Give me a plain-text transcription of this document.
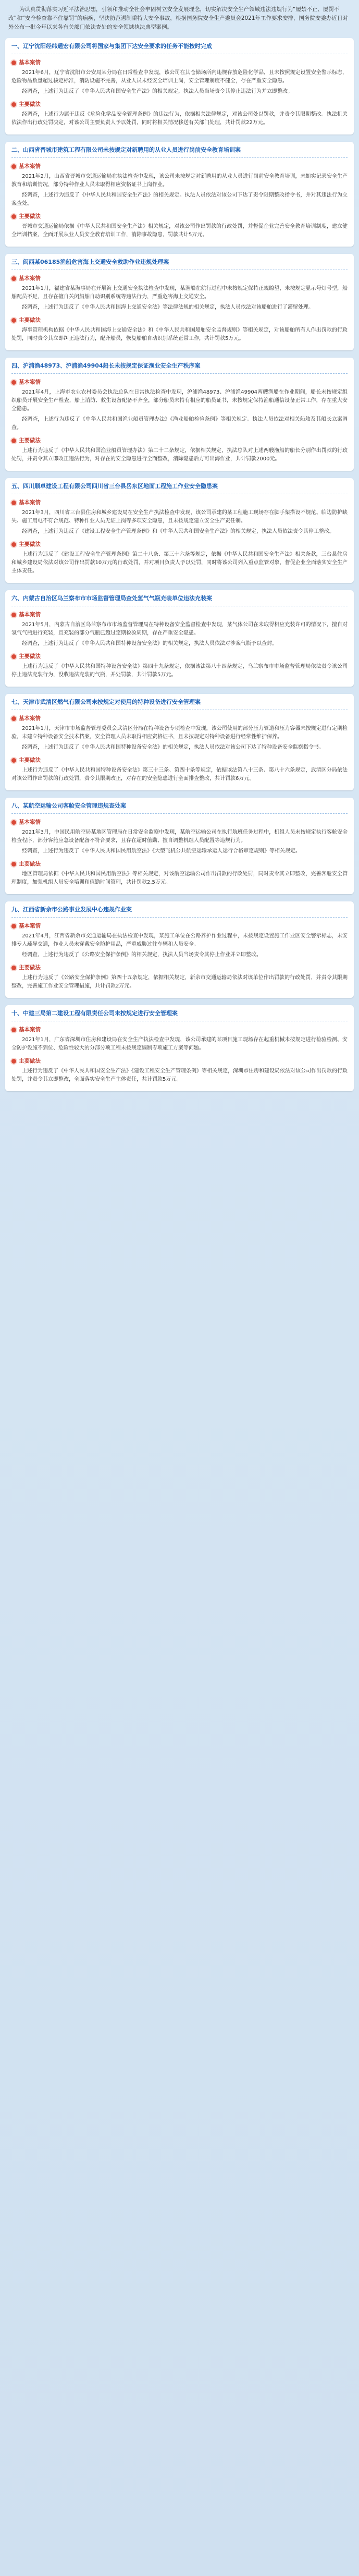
为认真贯彻落实习近平法治思想，引领和推动全社会牢固树立安全发展理念，切实解决安全生产领域违法违规行为“屡禁不止、屡罚不改”和“安全检查靠不住靠罚”的痼疾，坚决防范遏制重特大安全事故，根据国务院安全生产委员会2021年工作要求安排，国务院安委办近日对外公布一批今年以来各有关部门依法查处的安全领域执法典型案例。

一、辽宁沈阳经纬通宏有限公司将国家与集团下达安全要求的任务不能按时完成
基本案情

2021年6月，辽宁省沈阳市公安局某分局在日常检查中发现，该公司在其仓储场所内违规存放危险化学品，且未按照规定设置安全警示标志，危险物品数量超过核定标准，消防设施不完善，从业人员未经安全培训上岗，安全管理制度不健全，存在严重安全隐患。

经调查，上述行为违反了《中华人民共和国安全生产法》的相关规定，执法人员当场责令其停止违法行为并立即整改。

主要做法

经调查，上述行为属于违反《危险化学品安全管理条例》的违法行为，依据相关法律规定，对该公司处以罚款，并责令其限期整改。执法机关依法作出行政处罚决定，对该公司主要负责人予以处罚，同时将相关情况移送有关部门处理，共计罚款22万元。

二、山西省晋城市建筑工程有限公司未按规定对新聘用的从业人员进行岗前安全教育培训案
基本案情

2021年2月，山西省晋城市交通运输局在执法检查中发现，该公司未按规定对新聘用的从业人员进行岗前安全教育培训，未如实记录安全生产教育和培训情况，部分特种作业人员未取得相应资格证书上岗作业。

经调查，上述行为违反了《中华人民共和国安全生产法》的相关规定。执法人员依法对该公司下达了责令限期整改指令书，并对其违法行为立案查处。

主要做法

晋城市交通运输局依据《中华人民共和国安全生产法》相关规定，对该公司作出罚款的行政处罚，并督促企业完善安全教育培训制度，建立健全培训档案，全面开展从业人员安全教育培训工作，消除事故隐患，罚款共计5万元。

三、闽西某06185渔船危害海上交通安全救助作业违规处理案
基本案情

2021年1月，福建省某海事局在开展海上交通安全执法检查中发现，某渔船在航行过程中未按规定保持正规瞭望，未按规定显示号灯号型，船舶配员不足，且存在擅自关闭船舶自动识别系统等违法行为，严重危害海上交通安全。

经调查，上述行为违反了《中华人民共和国海上交通安全法》等法律法规的相关规定，执法人员依法对该船舶进行了滞留处理。

主要做法

海事管理机构依据《中华人民共和国海上交通安全法》和《中华人民共和国船舶安全监督规则》等相关规定，对该船舶所有人作出罚款的行政处罚，同时责令其立即纠正违法行为，配齐船员，恢复船舶自动识别系统正常工作，共计罚款5万元。

四、沪浦渔48973、沪浦渔49904船长未按规定保证渔业安全生产秩序案
基本案情

2021年4月，上海市农业农村委员会执法总队在日常执法检查中发现，沪浦渔48973、沪浦渔49904两艘渔船在作业期间，船长未按规定组织船员开展安全生产检查，船上消防、救生设备配备不齐全，部分船员未持有相应的船员证书，未按规定保持渔船通信设备正常工作，存在重大安全隐患。

经调查，上述行为违反了《中华人民共和国渔业船员管理办法》《渔业船舶检验条例》等相关规定。执法人员依法对相关船舶及其船长立案调查。

主要做法

上述行为违反了《中华人民共和国渔业船员管理办法》第二十二条规定，依据相关规定，执法总队对上述两艘渔船的船长分别作出罚款的行政处罚，并责令其立即改正违法行为，对存在的安全隐患进行全面整改，消除隐患后方可出海作业，共计罚款2000元。

五、四川顺卓建设工程有限公司四川省三台县岳东区地面工程施工作业安全隐患案
基本案情

2021年3月，四川省三台县住房和城乡建设局在安全生产执法检查中发现，该公司承建的某工程施工现场存在脚手架搭设不规范、临边防护缺失、施工用电不符合规范、特种作业人员无证上岗等多项安全隐患，且未按规定建立安全生产责任制。

经调查，上述行为违反了《建设工程安全生产管理条例》和《中华人民共和国安全生产法》的相关规定，执法人员依法责令其停工整改。

主要做法

上述行为违反了《建设工程安全生产管理条例》第二十八条、第三十六条等规定，依据《中华人民共和国安全生产法》相关条款，三台县住房和城乡建设局依法对该公司作出罚款10万元的行政处罚，并对项目负责人予以处罚，同时将该公司列入重点监管对象，督促企业全面落实安全生产主体责任。

六、内蒙古自治区乌兰察布市市场监督管理局查处氢气气瓶充装单位违法充装案
基本案情

2021年5月，内蒙古自治区乌兰察布市市场监督管理局在特种设备安全监督检查中发现，某气体公司在未取得相应充装许可的情况下，擅自对氢气气瓶进行充装，且充装的部分气瓶已超过定期检验周期，存在严重安全隐患。

经调查，上述行为违反了《中华人民共和国特种设备安全法》的相关规定，执法人员依法对涉案气瓶予以查封。

主要做法

上述行为违反了《中华人民共和国特种设备安全法》第四十九条规定，依据该法第八十四条规定，乌兰察布市市场监督管理局依法责令该公司停止违法充装行为，没收违法充装的气瓶，并处罚款，共计罚款5万元。

七、天津市武清区燃气有限公司未按规定对使用的特种设备进行安全管理案
基本案情

2021年1月，天津市市场监督管理委员会武清区分局在特种设备专项检查中发现，该公司使用的部分压力管道和压力容器未按规定进行定期检验，未建立特种设备安全技术档案，安全管理人员未取得相应资格证书，且未按规定对特种设备进行经常性维护保养。

经调查，上述行为违反了《中华人民共和国特种设备安全法》的相关规定，执法人员依法对该公司下达了特种设备安全监察指令书。

主要做法

上述行为违反了《中华人民共和国特种设备安全法》第三十三条、第四十条等规定，依据该法第八十三条、第八十六条规定，武清区分局依法对该公司作出罚款的行政处罚，责令其限期改正，对存在的安全隐患进行全面排查整改，共计罚款6万元。

八、某航空运输公司客舱安全管理违规查处案
基本案情

2021年3月，中国民用航空局某地区管理局在日常安全监察中发现，某航空运输公司在执行航班任务过程中，机组人员未按规定执行客舱安全检查程序，部分客舱应急设备配备不符合要求，且存在超时值勤、擅自调整机组人员配置等违规行为。

经调查，上述行为违反了《中华人民共和国民用航空法》《大型飞机公共航空运输承运人运行合格审定规则》等相关规定。

主要做法

地区管理局依据《中华人民共和国民用航空法》等相关规定，对该航空运输公司作出罚款的行政处罚，同时责令其立即整改，完善客舱安全管理制度，加强机组人员安全培训和值勤时间管理，共计罚款2.5万元。

九、江西省新余市公路事业发展中心违规作业案
基本案情

2021年4月，江西省新余市交通运输局在执法检查中发现，某施工单位在公路养护作业过程中，未按规定设置施工作业区安全警示标志，未安排专人疏导交通，作业人员未穿戴安全防护用品，严重威胁过往车辆和人员安全。

经调查，上述行为违反了《公路安全保护条例》的相关规定，执法人员当场责令其停止作业并立即整改。

主要做法

上述行为违反了《公路安全保护条例》第四十五条规定，依据相关规定，新余市交通运输局依法对该单位作出罚款的行政处罚，并责令其限期整改，完善施工作业安全管理措施，共计罚款2万元。

十、中建三局第二建设工程有限责任公司未按规定进行安全管理案
基本案情

2021年1月，广东省深圳市住房和建设局在安全生产执法检查中发现，该公司承建的某项目施工现场存在起重机械未按规定进行检验检测、安全防护设施不到位、危险性较大的分部分项工程未按规定编制专项施工方案等问题。

主要做法

上述行为违反了《中华人民共和国安全生产法》《建设工程安全生产管理条例》等相关规定，深圳市住房和建设局依法对该公司作出罚款的行政处罚，并责令其立即整改，全面落实安全生产主体责任，共计罚款5万元。
